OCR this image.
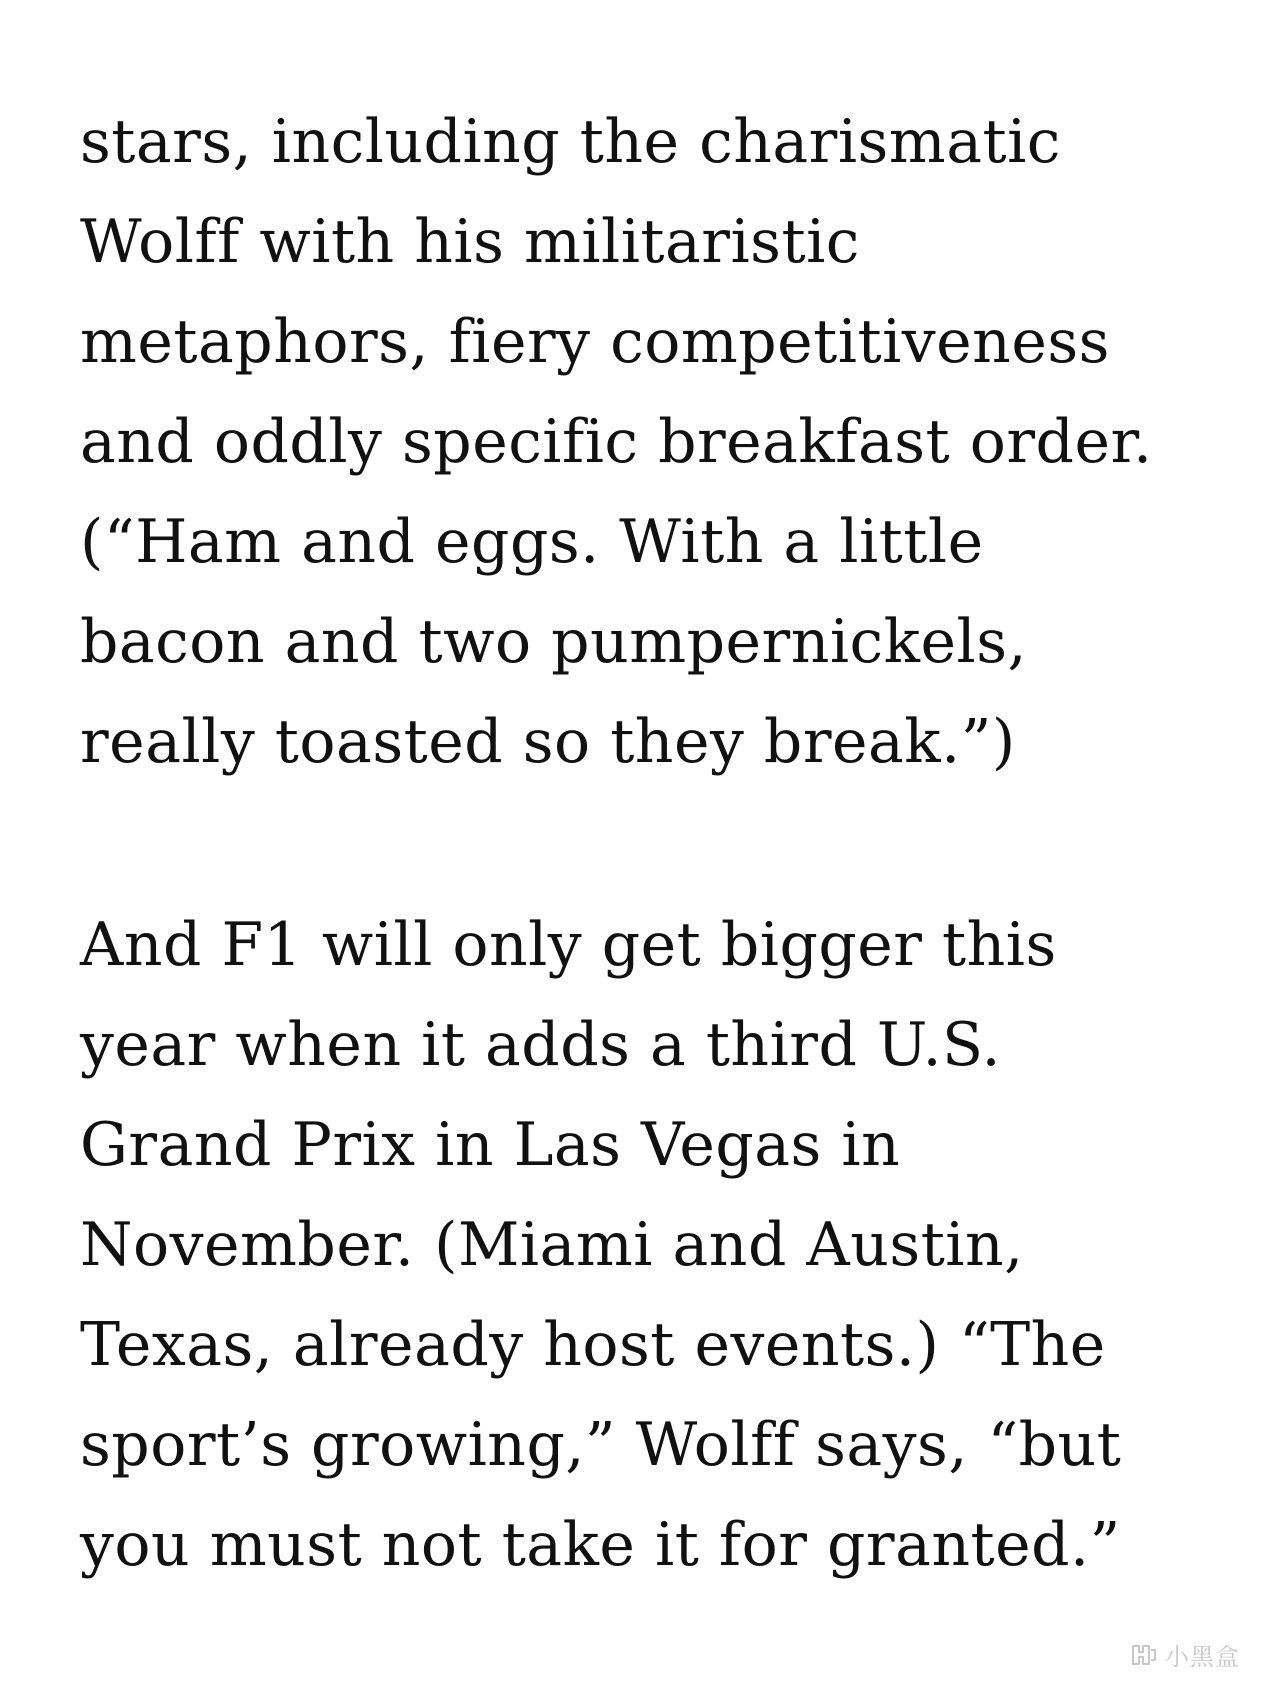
stars, including the charismatic
Wolff with his militaristic
metaphors, fiery competitiveness
and oddly specific breakfast order.
(“Ham and eggs. With a little
bacon and two pumpernickels,
really toasted so they break.”)

And F1 will only get bigger this
year when it adds a third U.S.
Grand Prix in Las Vegas in
November. (Miami and Austin,
Texas, already host events.) “The
sport’s growing,” Wolff says, “but
you must not take it for granted.”

小黑盒
